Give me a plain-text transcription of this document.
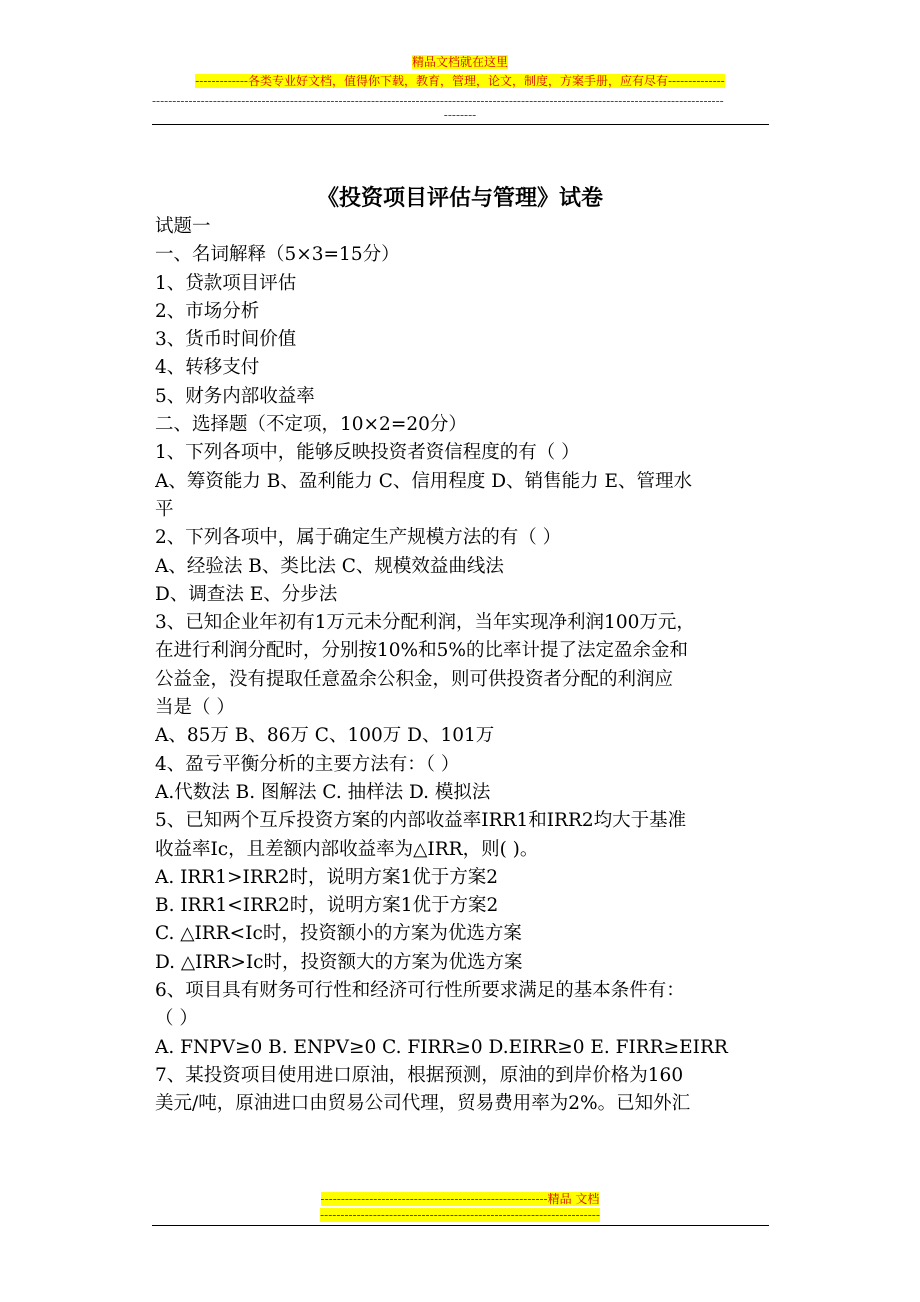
精品文档就在这里
-------------各类专业好文档，值得你下载，教育，管理，论文，制度，方案手册，应有尽有--------------
---------------------------------------------------------------------------------------------------------------------------------------------
--------
《投资项目评估与管理》试卷
试题一
一、名词解释（5×3=15分）
1、贷款项目评估
2、市场分析
3、货币时间价值
4、转移支付
5、财务内部收益率
二、选择题（不定项，10×2=20分）
1、下列各项中，能够反映投资者资信程度的有（ ）
A、筹资能力 B、盈利能力 C、信用程度 D、销售能力 E、管理水
平
2、下列各项中，属于确定生产规模方法的有（ ）
A、经验法 B、类比法 C、规模效益曲线法
D、调查法 E、分步法
3、已知企业年初有1万元未分配利润，当年实现净利润100万元，
在进行利润分配时，分别按10%和5%的比率计提了法定盈余金和
公益金，没有提取任意盈余公积金，则可供投资者分配的利润应
当是（ ）
A、85万 B、86万 C、100万 D、101万
4、盈亏平衡分析的主要方法有：（ ）
A.代数法 B. 图解法 C. 抽样法 D. 模拟法
5、已知两个互斥投资方案的内部收益率IRR1和IRR2均大于基准
收益率Ic，且差额内部收益率为△IRR，则( )。
A. IRR1>IRR2时，说明方案1优于方案2
B. IRR1<IRR2时，说明方案1优于方案2
C. △IRR<Ic时，投资额小的方案为优选方案
D. △IRR>Ic时，投资额大的方案为优选方案
6、项目具有财务可行性和经济可行性所要求满足的基本条件有：
（ ）
A. FNPV≥0 B. ENPV≥0 C. FIRR≥0 D.EIRR≥0 E. FIRR≥EIRR
7、某投资项目使用进口原油，根据预测，原油的到岸价格为160
美元/吨，原油进口由贸易公司代理，贸易费用率为2%。已知外汇
--------------------------------------------------------精品 文档
---------------------------------------------------------------------
